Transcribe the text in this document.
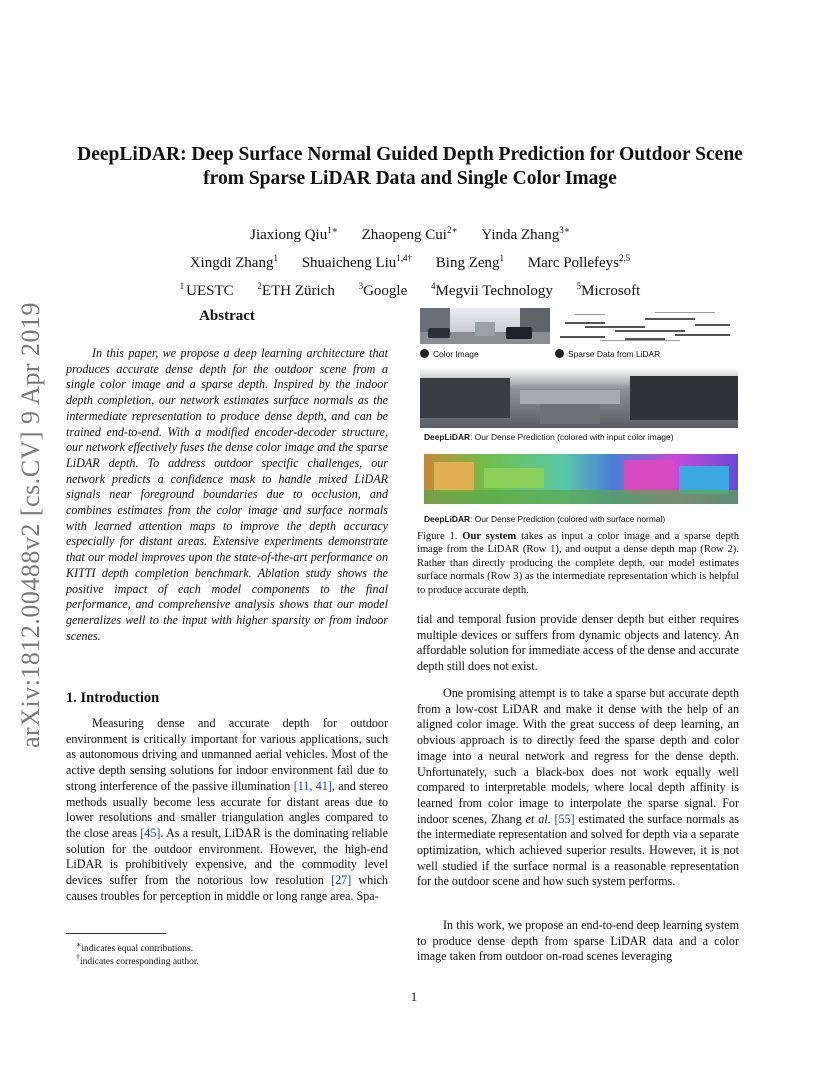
arXiv:1812.00488v2 [cs.CV] 9 Apr 2019
DeepLiDAR: Deep Surface Normal Guided Depth Prediction for Outdoor Scene
from Sparse LiDAR Data and Single Color Image
Jiaxiong Qiu$^{1∗}$ Zhaopeng Cui$^{2∗}$ Yinda Zhang$^{3∗}$
Xingdi Zhang$^1$ Shuaicheng Liu$^{1,4\dagger}$ Bing Zeng$^1$ Marc Pollefeys$^{2,5}$
$^1$ UESTC	$^2$ETH Zürich	$^3$Google	$^4$Megvii Technology	$^5$Microsoft
Abstract
In this paper, we propose a deep learning architecture that produces accurate dense depth for the outdoor scene from a single color image and a sparse depth. Inspired by the indoor depth completion, our network estimates surface normals as the intermediate representation to produce dense depth, and can be trained end-to-end. With a modified encoder-decoder structure, our network effectively fuses the dense color image and the sparse LiDAR depth. To address outdoor specific challenges, our network predicts a confidence mask to handle mixed LiDAR signals near foreground boundaries due to occlusion, and combines estimates from the color image and surface normals with learned attention maps to improve the depth accuracy especially for distant areas. Extensive experiments demonstrate that our model improves upon the state-of-the-art performance on KITTI depth completion benchmark. Ablation study shows the positive impact of each model components to the final performance, and comprehensive analysis shows that our model generalizes well to the input with higher sparsity or from indoor scenes.
1. Introduction
Measuring dense and accurate depth for outdoor environment is critically important for various applications, such as autonomous driving and unmanned aerial vehicles. Most of the active depth sensing solutions for indoor environment fail due to strong interference of the passive illumination [11, 41], and stereo methods usually become less accurate for distant areas due to lower resolutions and smaller triangulation angles compared to the close areas [45]. As a result, LiDAR is the dominating reliable solution for the outdoor environment. However, the high-end LiDAR is prohibitively expensive, and the commodity level devices suffer from the notorious low resolution [27] which causes troubles for perception in middle or long range area. Spa-
∗indicates equal contributions.
†indicates corresponding author.
Color Image	Sparse Data from LiDAR
DeepLiDAR: Our Dense Prediction (colored with input color image)
DeepLiDAR: Our Dense Prediction (colored with surface normal)
Figure 1. Our system takes as input a color image and a sparse depth image from the LiDAR (Row 1), and output a dense depth map (Row 2). Rather than directly producing the complete depth, our model estimates surface normals (Row 3) as the intermediate representation which is helpful to produce accurate depth.
tial and temporal fusion provide denser depth but either requires multiple devices or suffers from dynamic objects and latency. An affordable solution for immediate access of the dense and accurate depth still does not exist.
One promising attempt is to take a sparse but accurate depth from a low-cost LiDAR and make it dense with the help of an aligned color image. With the great success of deep learning, an obvious approach is to directly feed the sparse depth and color image into a neural network and regress for the dense depth. Unfortunately, such a black-box does not work equally well compared to interpretable models, where local depth affinity is learned from color image to interpolate the sparse signal. For indoor scenes, Zhang et al. [55] estimated the surface normals as the intermediate representation and solved for depth via a separate optimization, which achieved superior results. However, it is not well studied if the surface normal is a reasonable representation for the outdoor scene and how such system performs.
In this work, we propose an end-to-end deep learning system to produce dense depth from sparse LiDAR data and a color image taken from outdoor on-road scenes leveraging
1
